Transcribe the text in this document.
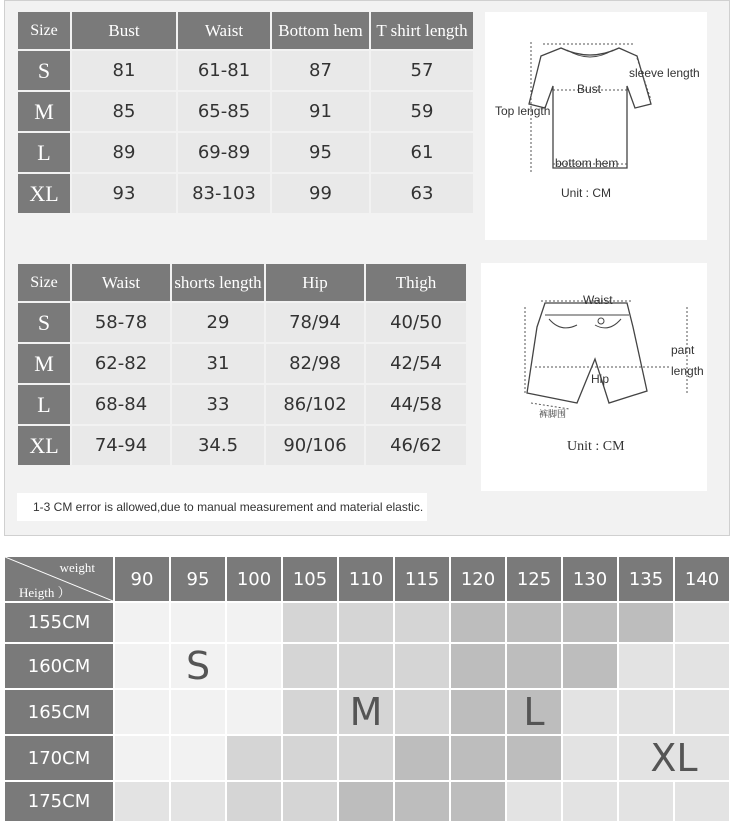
Size	Bust	Waist	Bottom hem	T shirt length
S	81	61-81	87	57
M	85	65-85	91	59
L	89	69-89	95	61
XL	93	83-103	99	63
sleeve length
Bust
Top length
bottom hem
Unit : CM
Size	Waist	shorts length	Hip	Thigh
S	58-78	29	78/94	40/50
M	62-82	31	82/98	42/54
L	68-84	33	86/102	44/58
XL	74-94	34.5	90/106	46/62
Waist
pant
length
Hip
裤脚围
Unit : CM
1-3 CM error is allowed,due to manual measurement and material elastic.
weight
Heigth ）	90	95	100	105	110	115	120	125	130	135	140
155CM											
160CM		S									
165CM					M			L			
170CM										XL	
175CM											
